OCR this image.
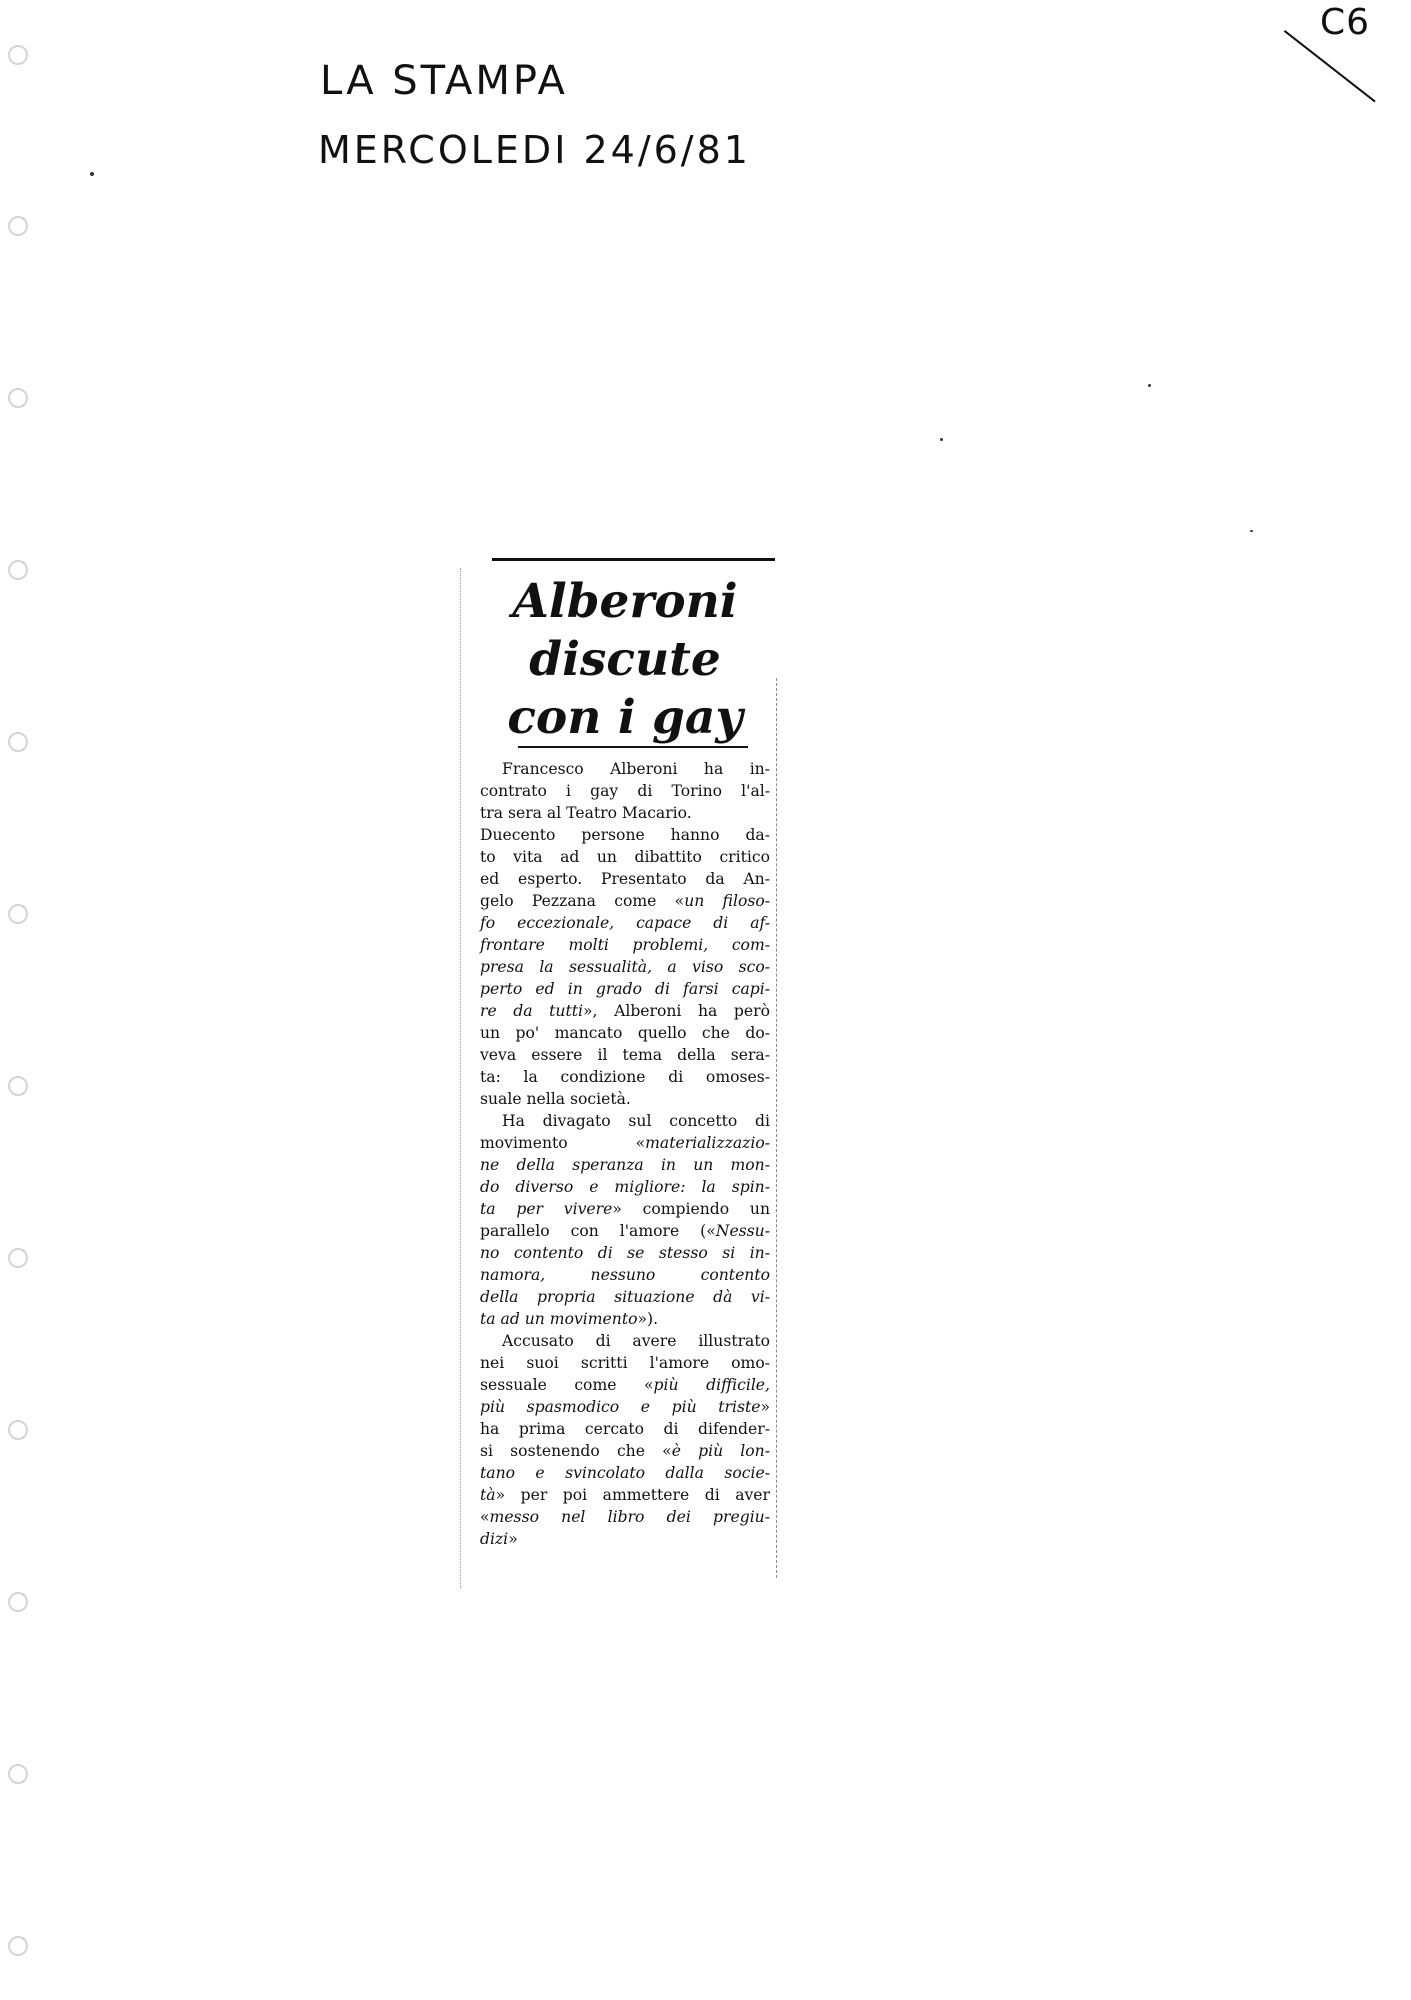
LA STAMPA
MERCOLEDI 24/6/81
C6
Alberoni
discute
con i gay
Francesco Alberoni ha in-
contrato i gay di Torino l'al-
tra sera al Teatro Macario.
Duecento persone hanno da-
to vita ad un dibattito critico
ed esperto. Presentato da An-
gelo Pezzana come «un filoso-
fo eccezionale, capace di af-
frontare molti problemi, com-
presa la sessualità, a viso sco-
perto ed in grado di farsi capi-
re da tutti», Alberoni ha però
un po' mancato quello che do-
veva essere il tema della sera-
ta: la condizione di omoses-
suale nella società.
Ha divagato sul concetto di
movimento «materializzazio-
ne della speranza in un mon-
do diverso e migliore: la spin-
ta per vivere» compiendo un
parallelo con l'amore («Nessu-
no contento di se stesso si in-
namora, nessuno contento
della propria situazione dà vi-
ta ad un movimento»).
Accusato di avere illustrato
nei suoi scritti l'amore omo-
sessuale come «più difficile,
più spasmodico e più triste»
ha prima cercato di difender-
si sostenendo che «è più lon-
tano e svincolato dalla socie-
tà» per poi ammettere di aver
«messo nel libro dei pregiu-
dizi»
